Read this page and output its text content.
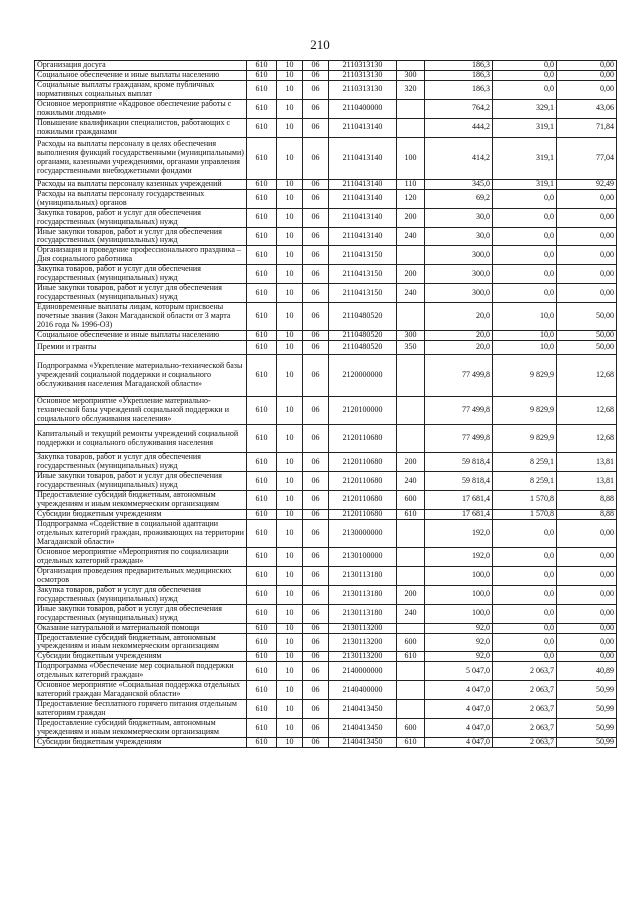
210
Организация досуга	610	10	06	2110313130		186,3	0,0	0,00
Социальное обеспечение и иные выплаты населению	610	10	06	2110313130	300	186,3	0,0	0,00
Социальные выплаты гражданам, кроме публичных нормативных социальных выплат	610	10	06	2110313130	320	186,3	0,0	0,00
Основное мероприятие «Кадровое обеспечение работы с пожилыми людьми»	610	10	06	2110400000		764,2	329,1	43,06
Повышение квалификации специалистов, работающих с пожилыми гражданами	610	10	06	2110413140		444,2	319,1	71,84
Расходы на выплаты персоналу в целях обеспечения выполнения функций государственными (муниципальными) органами, казенными учреждениями, органами управления государственными внебюджетными фондами	610	10	06	2110413140	100	414,2	319,1	77,04
Расходы на выплаты персоналу казенных учреждений	610	10	06	2110413140	110	345,0	319,1	92,49
Расходы на выплаты персоналу государственных (муниципальных) органов	610	10	06	2110413140	120	69,2	0,0	0,00
Закупка товаров, работ и услуг для обеспечения государственных (муниципальных) нужд	610	10	06	2110413140	200	30,0	0,0	0,00
Иные закупки товаров, работ и услуг для обеспечения государственных (муниципальных) нужд	610	10	06	2110413140	240	30,0	0,0	0,00
Организация и проведение профессионального праздника – Дня социального работника	610	10	06	2110413150		300,0	0,0	0,00
Закупка товаров, работ и услуг для обеспечения государственных (муниципальных) нужд	610	10	06	2110413150	200	300,0	0,0	0,00
Иные закупки товаров, работ и услуг для обеспечения государственных (муниципальных) нужд	610	10	06	2110413150	240	300,0	0,0	0,00
Единовременные выплаты лицам, которым присвоены почетные звания (Закон Магаданской области от 3 марта 2016 года № 1996-ОЗ)	610	10	06	2110480520		20,0	10,0	50,00
Социальное обеспечение и иные выплаты населению	610	10	06	2110480520	300	20,0	10,0	50,00
Премии и гранты	610	10	06	2110480520	350	20,0	10,0	50,00
Подпрограмма «Укрепление материально-технической базы учреждений социальной поддержки и социального обслуживания населения Магаданской области»	610	10	06	2120000000		77 499,8	9 829,9	12,68
Основное мероприятие «Укрепление материально-технической базы учреждений социальной поддержки и социального обслуживания населения»	610	10	06	2120100000		77 499,8	9 829,9	12,68
Капитальный и текущий ремонты учреждений социальной поддержки и социального обслуживания населения	610	10	06	2120110680		77 499,8	9 829,9	12,68
Закупка товаров, работ и услуг для обеспечения государственных (муниципальных) нужд	610	10	06	2120110680	200	59 818,4	8 259,1	13,81
Иные закупки товаров, работ и услуг для обеспечения государственных (муниципальных) нужд	610	10	06	2120110680	240	59 818,4	8 259,1	13,81
Предоставление субсидий бюджетным, автономным учреждениям и иным некоммерческим организациям	610	10	06	2120110680	600	17 681,4	1 570,8	8,88
Субсидии бюджетным учреждениям	610	10	06	2120110680	610	17 681,4	1 570,8	8,88
Подпрограмма «Содействие в социальной адаптации отдельных категорий граждан, проживающих на территории Магаданской области»	610	10	06	2130000000		192,0	0,0	0,00
Основное мероприятие «Мероприятия по социализации отдельных категорий граждан»	610	10	06	2130100000		192,0	0,0	0,00
Организация проведения предварительных медицинских осмотров	610	10	06	2130113180		100,0	0,0	0,00
Закупка товаров, работ и услуг для обеспечения государственных (муниципальных) нужд	610	10	06	2130113180	200	100,0	0,0	0,00
Иные закупки товаров, работ и услуг для обеспечения государственных (муниципальных) нужд	610	10	06	2130113180	240	100,0	0,0	0,00
Оказание натуральной и материальной помощи	610	10	06	2130113200		92,0	0,0	0,00
Предоставление субсидий бюджетным, автономным учреждениям и иным некоммерческим организациям	610	10	06	2130113200	600	92,0	0,0	0,00
Субсидии бюджетным учреждениям	610	10	06	2130113200	610	92,0	0,0	0,00
Подпрограмма «Обеспечение мер социальной поддержки отдельных категорий граждан»	610	10	06	2140000000		5 047,0	2 063,7	40,89
Основное мероприятие «Социальная поддержка отдельных категорий граждан Магаданской области»	610	10	06	2140400000		4 047,0	2 063,7	50,99
Предоставление бесплатного горячего питания отдельным категориям граждан	610	10	06	2140413450		4 047,0	2 063,7	50,99
Предоставление субсидий бюджетным, автономным учреждениям и иным некоммерческим организациям	610	10	06	2140413450	600	4 047,0	2 063,7	50,99
Субсидии бюджетным учреждениям	610	10	06	2140413450	610	4 047,0	2 063,7	50,99
